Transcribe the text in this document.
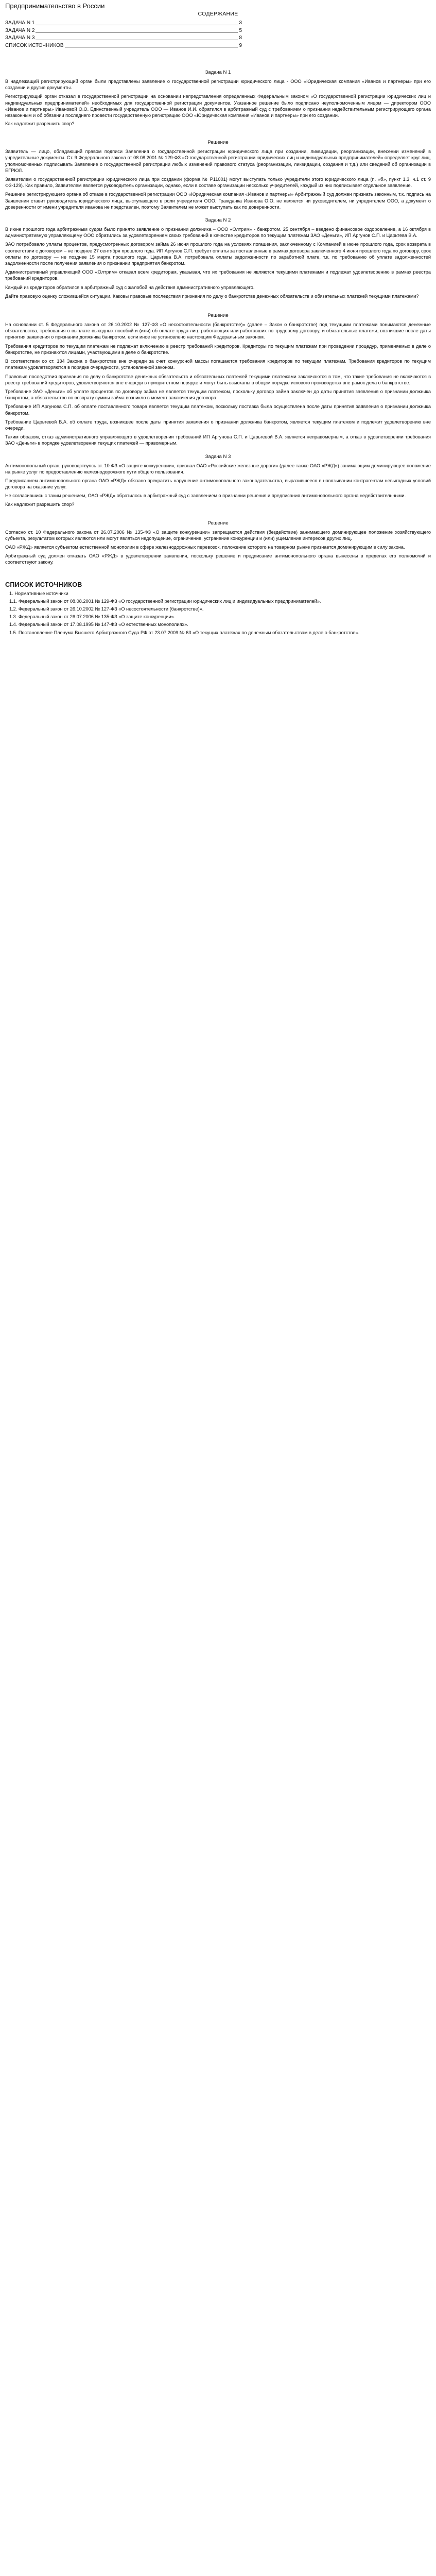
Предпринимательство в России
СОДЕРЖАНИЕ
ЗАДАЧА N 1	3
ЗАДАЧА N 2	5
ЗАДАЧА N 3	8
СПИСОК ИСТОЧНИКОВ	9
Задача N 1

В надлежащий регистрирующий орган были представлены заявление о государственной регистрации юридического лица - ООО «Юридическая компания «Иванов и партнеры» при его создании и другие документы.

Регистрирующий орган отказал в государственной регистрации на основании непредставления определенных Федеральным законом «О государственной регистрации юридических лиц и индивидуальных предпринимателей» необходимых для государственной регистрации документов. Указанное решение было подписано неуполномоченным лицом — директором ООО «Иванов и партнеры» Ивановой О.О. Единственный учредитель ООО — Иванов И.И. обратился в арбитражный суд с требованием о признании недействительным регистрирующего органа незаконным и об обязании последнего провести государственную регистрацию ООО «Юридическая компания «Иванов и партнеры» при его создании.

Как надлежит разрешить спор?

Решение

Заявитель — лицо, обладающий правом подписи Заявления о государственной регистрации юридического лица при создании, ликвидации, реорганизации, внесении изменений в учредительные документы. Ст. 9 Федерального закона от 08.08.2001 № 129-ФЗ «О государственной регистрации юридических лиц и индивидуальных предпринимателей» определяет круг лиц, уполномоченных подписывать Заявление о государственной регистрации любых изменений правового статуса (реорганизации, ликвидации, создания и т.д.) или сведений об организации в ЕГРЮЛ.

Заявителем о государственной регистрации юридического лица при создании (форма № Р11001) могут выступать только учредители этого юридического лица (п. «б», пункт 1.3. ч.1 ст. 9 ФЗ-129). Как правило, Заявителем является руководитель организации, однако, если в составе организации несколько учредителей, каждый из них подписывает отдельное заявление.

Решение регистрирующего органа об отказе в государственной регистрации ООО «Юридическая компания «Иванов и партнеры» Арбитражный суд должен признать законным, т.к. подпись на Заявлении ставит руководитель юридического лица, выступающего в роли учредителя ООО. Гражданка Иванова О.О. не является ни руководителем, ни учредителем ООО, а документ о доверенности от имени учредителя иванова не представлен, поэтому Заявителем не может выступать как по доверенности.

Задача N 2

В июне прошлого года арбитражным судом было принято заявление о признании должника – ООО «Олтрим» - банкротом. 25 сентября – введено финансовое оздоровление, а 16 октября в административную управляющему ООО обратились за удовлетворением своих требований в качестве кредиторов по текущим платежам ЗАО «Деньги», ИП Аргунов С.П. и Царьтева В.А.

ЗАО потребовало уплаты процентов, предусмотренных договором займа 26 июня прошлого года на условиях погашения, заключенному с Компанией в июне прошлого года, срок возврата в соответствии с договором – не позднее 27 сентября прошлого года. ИП Аргунов С.П. требует оплаты за поставленные в рамках договора заключенного 4 июня прошлого года по договору, срок оплаты по договору — не позднее 15 марта прошлого года. Царьтева В.А. потребовала оплаты задолженности по заработной плате, т.к. по требованию об уплате задолженностей задолженности после получения заявления о признании предприятия банкротом.

Административный управляющий ООО «Олтрим» отказал всем кредиторам, указывая, что их требования не являются текущими платежами и подлежат удовлетворению в рамках реестра требований кредиторов.

Каждый из кредиторов обратился в арбитражный суд с жалобой на действия административного управляющего.

Дайте правовую оценку сложившейся ситуации. Каковы правовые последствия признания по делу о банкротстве денежных обязательств и обязательных платежей текущими платежами?

Решение

На основании ст. 5 Федерального закона от 26.10.2002 № 127-ФЗ «О несостоятельности (банкротстве)» (далее – Закон о банкротстве) под текущими платежами понимаются денежные обязательства, требования о выплате выходных пособий и (или) об оплате труда лиц, работающих или работавших по трудовому договору, и обязательные платежи, возникшие после даты принятия заявления о признании должника банкротом, если иное не установлено настоящим Федеральным законом.

Требования кредиторов по текущим платежам не подлежат включению в реестр требований кредиторов. Кредиторы по текущим платежам при проведении процедур, применяемых в деле о банкротстве, не признаются лицами, участвующими в деле о банкротстве.

В соответствии со ст. 134 Закона о банкротстве вне очереди за счет конкурсной массы погашаются требования кредиторов по текущим платежам. Требования кредиторов по текущим платежам удовлетворяются в порядке очередности, установленной законом.

Правовые последствия признания по делу о банкротстве денежных обязательств и обязательных платежей текущими платежами заключаются в том, что такие требования не включаются в реестр требований кредиторов, удовлетворяются вне очереди в приоритетном порядке и могут быть взысканы в общем порядке искового производства вне рамок дела о банкротстве.

Требование ЗАО «Деньги» об уплате процентов по договору займа не является текущим платежом, поскольку договор займа заключен до даты принятия заявления о признании должника банкротом, а обязательство по возврату суммы займа возникло в момент заключения договора.

Требование ИП Аргунова С.П. об оплате поставленного товара является текущим платежом, поскольку поставка была осуществлена после даты принятия заявления о признании должника банкротом.

Требование Царьтевой В.А. об оплате труда, возникшее после даты принятия заявления о признании должника банкротом, является текущим платежом и подлежит удовлетворению вне очереди.

Таким образом, отказ административного управляющего в удовлетворении требований ИП Аргунова С.П. и Царьтевой В.А. является неправомерным, а отказ в удовлетворении требования ЗАО «Деньги» в порядке удовлетворения текущих платежей — правомерным.

Задача N 3

Антимонопольный орган, руководствуясь ст. 10 ФЗ «О защите конкуренции», признал ОАО «Российские железные дороги» (далее также ОАО «РЖД») занимающим доминирующее положение на рынке услуг по предоставлению железнодорожного пути общего пользования.

Предписанием антимонопольного органа ОАО «РЖД» обязано прекратить нарушение антимонопольного законодательства, выразившееся в навязывании контрагентам невыгодных условий договора на оказание услуг.

Не согласившись с таким решением, ОАО «РЖД» обратилось в арбитражный суд с заявлением о признании решения и предписания антимонопольного органа недействительными.

Как надлежит разрешить спор?

Решение

Согласно ст. 10 Федерального закона от 26.07.2006 № 135-ФЗ «О защите конкуренции» запрещаются действия (бездействие) занимающего доминирующее положение хозяйствующего субъекта, результатом которых являются или могут являться недопущение, ограничение, устранение конкуренции и (или) ущемление интересов других лиц.

ОАО «РЖД» является субъектом естественной монополии в сфере железнодорожных перевозок, положение которого на товарном рынке признается доминирующим в силу закона.

Арбитражный суд должен отказать ОАО «РЖД» в удовлетворении заявления, поскольку решение и предписание антимонопольного органа вынесены в пределах его полномочий и соответствуют закону.

СПИСОК ИСТОЧНИКОВ
1. Нормативные источники
1.1. Федеральный закон от 08.08.2001 № 129-ФЗ «О государственной регистрации юридических лиц и индивидуальных предпринимателей».
1.2. Федеральный закон от 26.10.2002 № 127-ФЗ «О несостоятельности (банкротстве)».
1.3. Федеральный закон от 26.07.2006 № 135-ФЗ «О защите конкуренции».
1.4. Федеральный закон от 17.08.1995 № 147-ФЗ «О естественных монополиях».
1.5. Постановление Пленума Высшего Арбитражного Суда РФ от 23.07.2009 № 63 «О текущих платежах по денежным обязательствам в деле о банкротстве».
